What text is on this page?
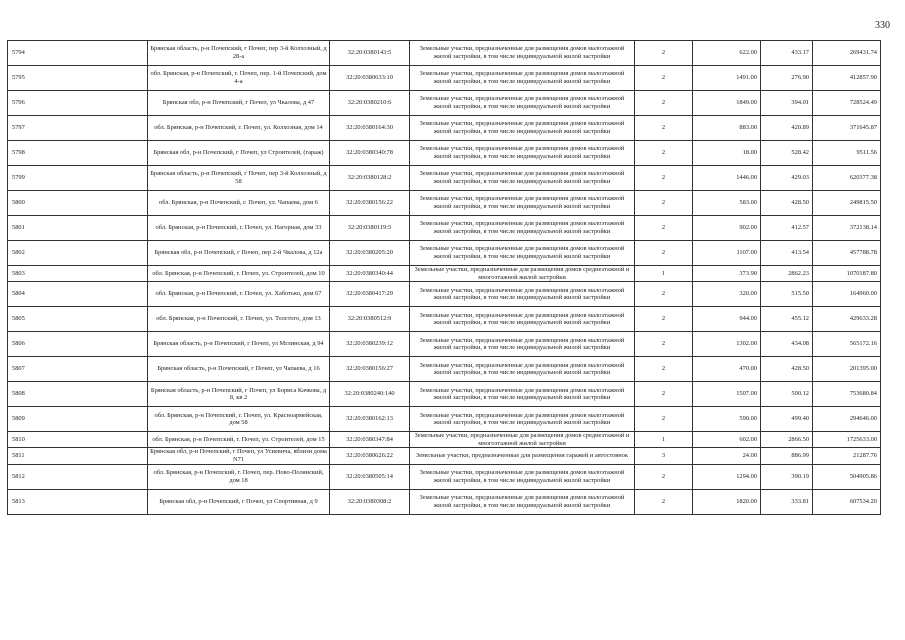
330
5794	Брянская область, р-н Почепский, г Почеп, пер 3-й Колхозный, д 28-а	32:20:0380143:5	Земельные участки, предназначенные для размещения домов малоэтажной жилой застройки, в том числе индивидуальной жилой застройки	2	622.00	433.17	269431.74
5795	обл. Брянская, р-н Почепский, г. Почеп, пер. 1-й Почепский, дом 4-а	32:20:0380633:10	Земельные участки, предназначенные для размещения домов малоэтажной жилой застройки, в том числе индивидуальной жилой застройки	2	1491.00	276.90	412857.90
5796	Брянская обл, р-н Почепский, г Почеп, ул Чкалова, д 47	32:20:0380210:6	Земельные участки, предназначенные для размещения домов малоэтажной жилой застройки, в том числе индивидуальной жилой застройки	2	1849.00	394.01	728524.49
5797	обл. Брянская, р-н Почепский, г. Почеп, ул. Колхозная, дом 14	32:20:0380164:30	Земельные участки, предназначенные для размещения домов малоэтажной жилой застройки, в том числе индивидуальной жилой застройки	2	883.00	420.89	371645.87
5798	Брянская обл, р-н Почепский, г Почеп, ул Строителей, (гараж)	32:20:0380340:78	Земельные участки, предназначенные для размещения домов малоэтажной жилой застройки, в том числе индивидуальной жилой застройки	2	18.00	528.42	9511.56
5799	Брянская область, р-н Почепский, г Почеп, пер 3-й Колхозный, д 58	32:20:0380128:2	Земельные участки, предназначенные для размещения домов малоэтажной жилой застройки, в том числе индивидуальной жилой застройки	2	1446.00	429.03	620377.38
5800	обл. Брянская, р-н Почепский, г. Почеп, ул. Чапаева, дом 6	32:20:0380156:22	Земельные участки, предназначенные для размещения домов малоэтажной жилой застройки, в том числе индивидуальной жилой застройки	2	583.00	428.50	249815.50
5801	обл. Брянская, р-н Почепский, г. Почеп, ул. Нагорная, дом 33	32:20:0380119:5	Земельные участки, предназначенные для размещения домов малоэтажной жилой застройки, в том числе индивидуальной жилой застройки	2	902.00	412.57	372138.14
5802	Брянская обл, р-н Почепский, г Почеп, пер 2-й Чкалова, д 12а	32:20:0380205:20	Земельные участки, предназначенные для размещения домов малоэтажной жилой застройки, в том числе индивидуальной жилой застройки	2	1107.00	413.54	457788.78
5803	обл. Брянская, р-н Почепский, г. Почеп, ул. Строителей, дом 10	32:20:0380340:44	Земельные участки, предназначенные для размещения домов среднеэтажной и многоэтажной жилой застройки	1	373.90	2862.23	1070187.80
5804	обл. Брянская, р-н Почепский, г. Почеп, ул. Хаботько, дом 67	32:20:0380417:29	Земельные участки, предназначенные для размещения домов малоэтажной жилой застройки, в том числе индивидуальной жилой застройки	2	320.00	515.50	164960.00
5805	обл. Брянская, р-н Почепский, г. Почеп, ул. Толстого, дом 13	32:20:0380512:9	Земельные участки, предназначенные для размещения домов малоэтажной жилой застройки, в том числе индивидуальной жилой застройки	2	944.00	455.12	429633.28
5806	Брянская область, р-н Почепский, г Почеп, ул Мглинская, д 94	32:20:0380239:12	Земельные участки, предназначенные для размещения домов малоэтажной жилой застройки, в том числе индивидуальной жилой застройки	2	1302.00	434.08	565172.16
5807	Брянская область, р-н Почепский, г Почеп, ул Чапаева, д 16	32:20:0380156:27	Земельные участки, предназначенные для размещения домов малоэтажной жилой застройки, в том числе индивидуальной жилой застройки	2	470.00	428.50	201395.00
5808	Брянская область, р-н Почепский, г Почеп, ул Бориса Качкова, д 8, кв 2	32:20:0380240:140	Земельные участки, предназначенные для размещения домов малоэтажной жилой застройки, в том числе индивидуальной жилой застройки	2	1507.00	500.12	753680.84
5809	обл. Брянская, р-н Почепский, г. Почеп, ул. Красноармейская, дом 58	32:20:0380162:13	Земельные участки, предназначенные для размещения домов малоэтажной жилой застройки, в том числе индивидуальной жилой застройки	2	590.00	499.40	294646.00
5810	обл. Брянская, р-н Почепский, г. Почеп, ул. Строителей, дом 15	32:20:0380347:84	Земельные участки, предназначенные для размещения домов среднеэтажной и многоэтажной жилой застройки	1	602.00	2866.50	1725633.00
5811	Брянская обл, р-н Почепский, г Почеп, ул Усиевича, вблизи дома N71	32:20:0380626:22	Земельные участки, предназначенные для размещения гаражей и автостоянок	3	24.00	886.99	21287.76
5812	обл. Брянская, р-н Почепский, г. Почеп, пер. Ново-Полянский, дом 18	32:20:0380505:14	Земельные участки, предназначенные для размещения домов малоэтажной жилой застройки, в том числе индивидуальной жилой застройки	2	1294.00	390.19	504905.86
5813	Брянская обл, р-н Почепский, г Почеп, ул Спортивная, д 9	32:20:0380308:2	Земельные участки, предназначенные для размещения домов малоэтажной жилой застройки, в том числе индивидуальной жилой застройки	2	1820.00	333.81	607534.20
